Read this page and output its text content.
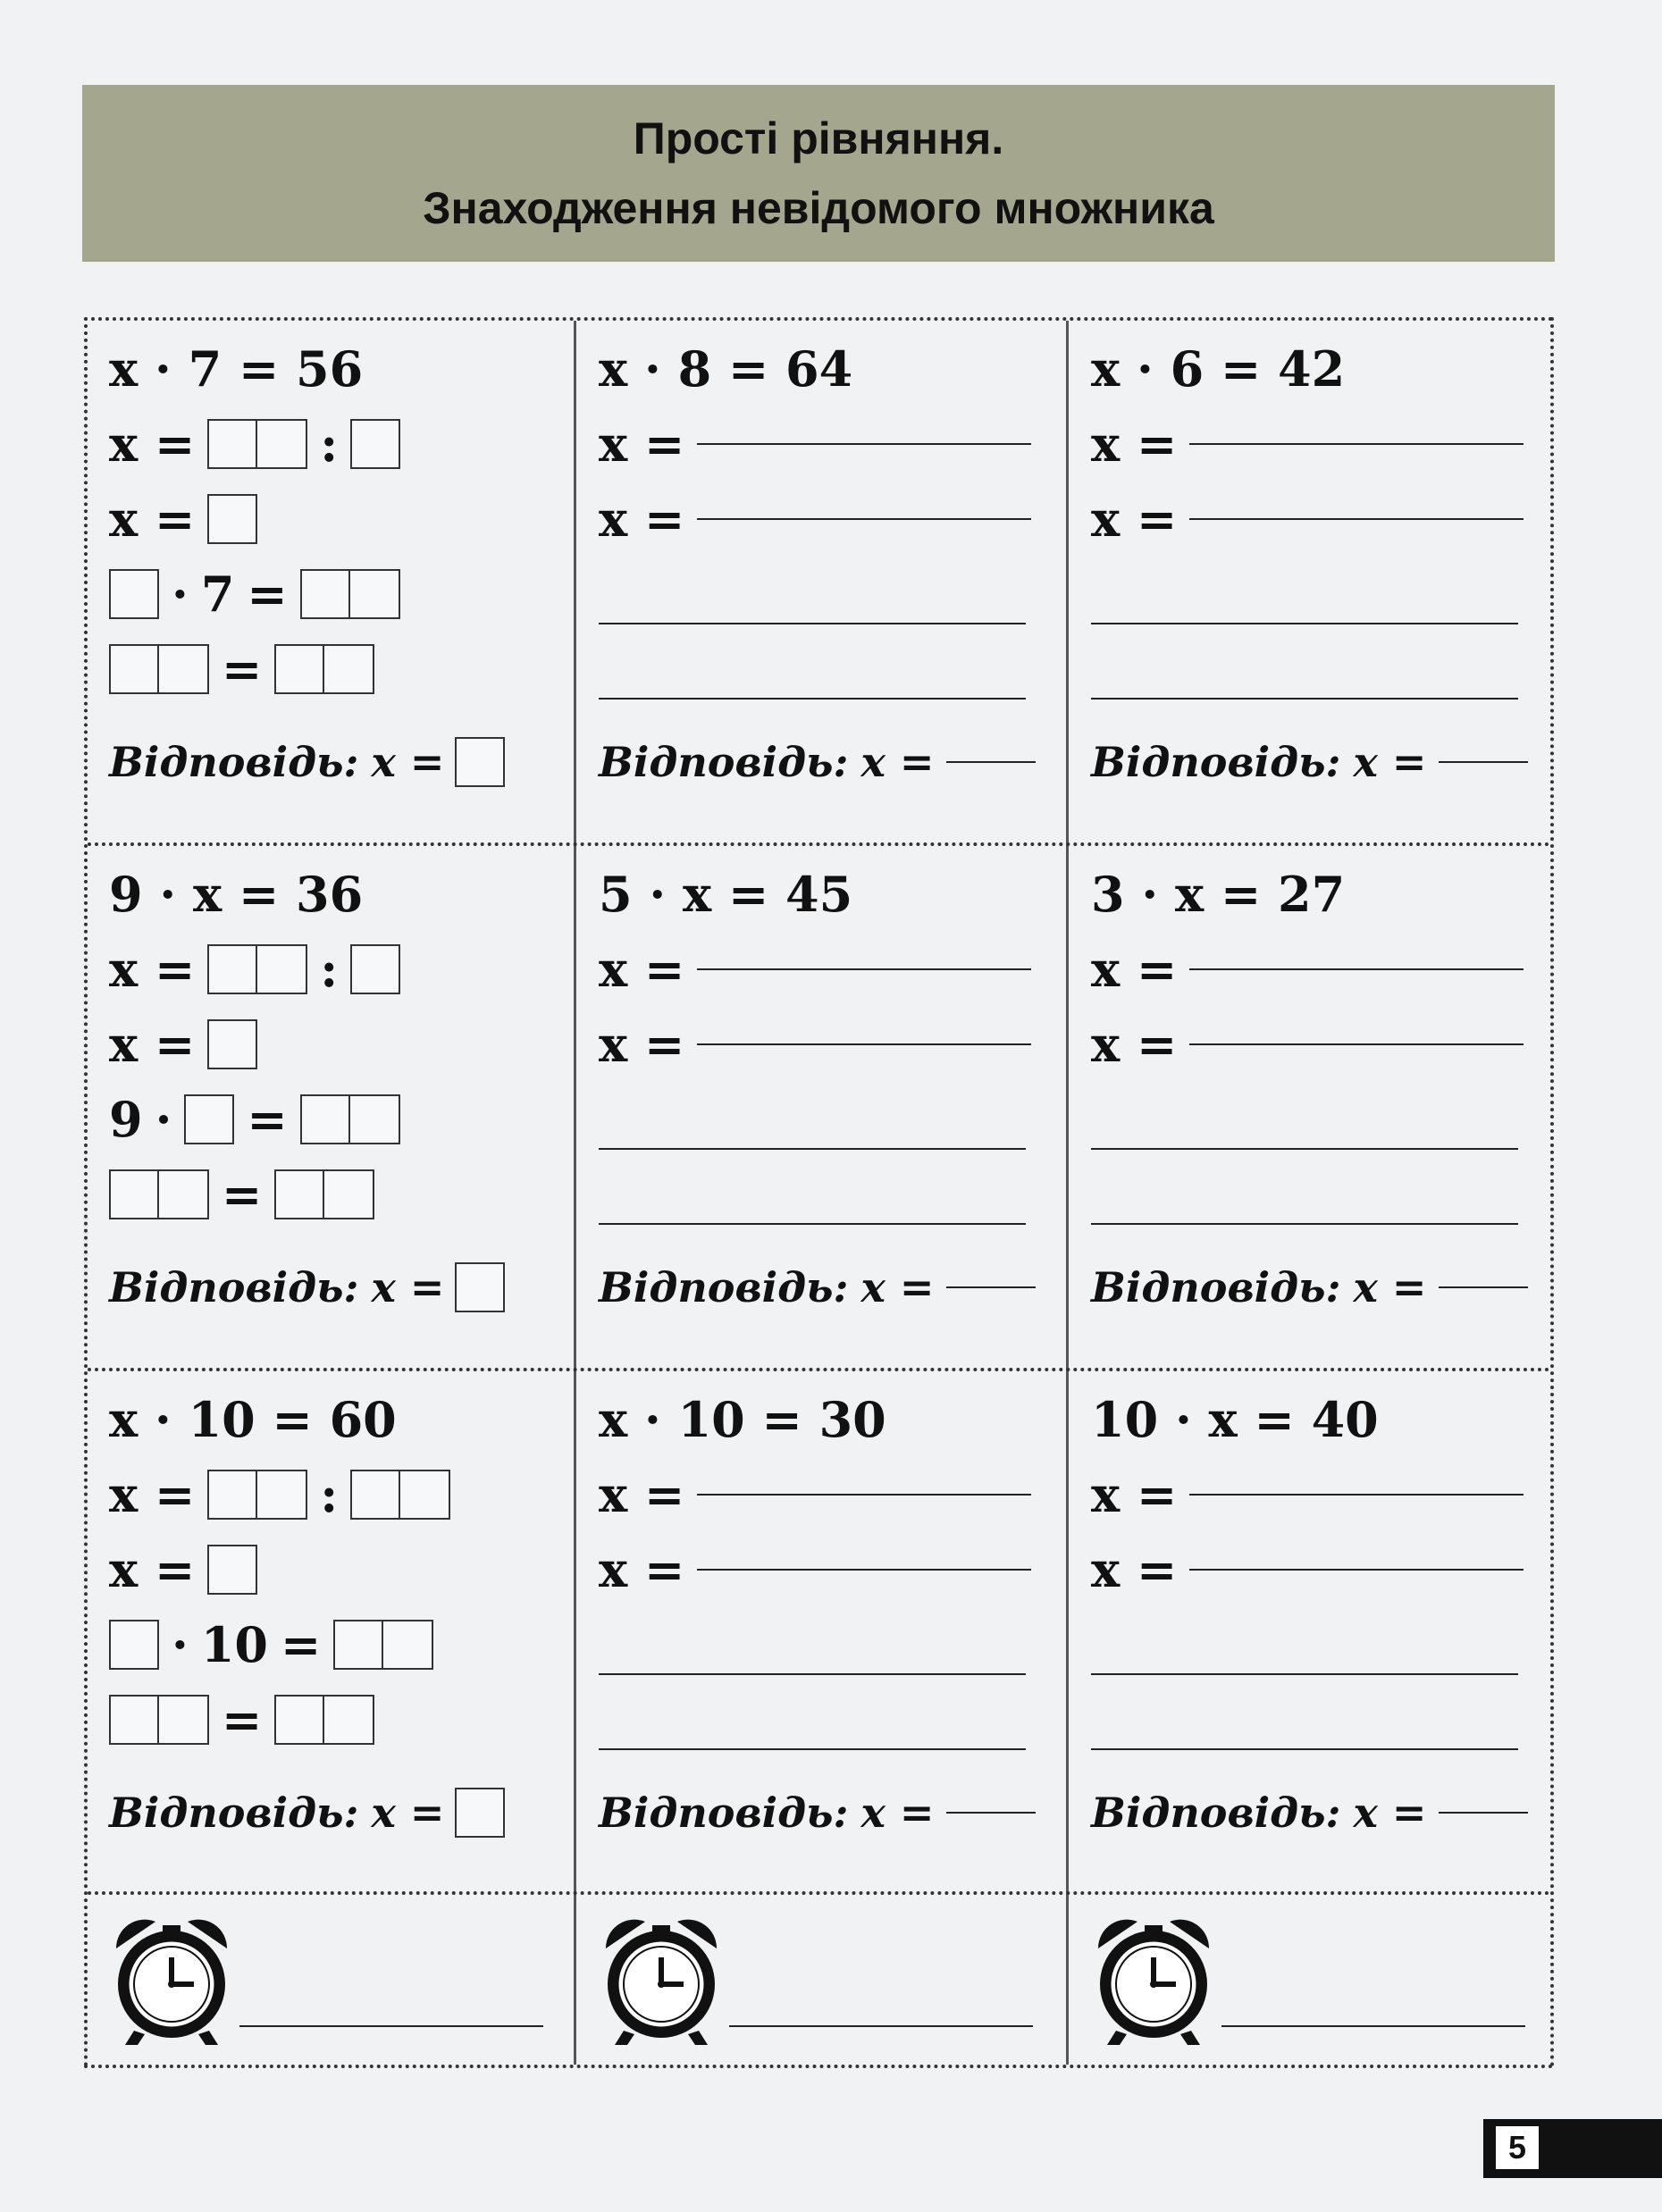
Прості рівняння.
Знаходження невідомого множника
x · 7 = 56
x =	:
x =
· 7 =
=
Відповідь: x =
x · 8 = 64
x =
x =
Відповідь: x =
x · 6 = 42
x =
x =
Відповідь: x =
9 · x = 36
x =	:
x =
9 · =
=
Відповідь: x =
5 · x = 45
x =
x =
Відповідь: x =
3 · x = 27
x =
x =
Відповідь: x =
x · 10 = 60
x =	:
x =
· 10 =
=
Відповідь: x =
x · 10 = 30
x =
x =
Відповідь: x =
10 · x = 40
x =
x =
Відповідь: x =
5
